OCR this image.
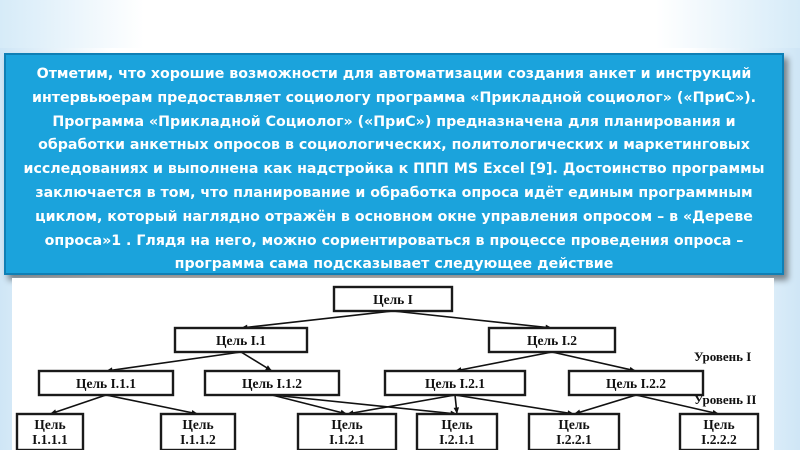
Отметим, что хорошие возможности для автоматизации создания анкет и инструкций интервьюерам предоставляет социологу программа «Прикладной социолог» («ПриС»). Программа «Прикладной Социолог» («ПриС») предназначена для планирования и обработки анкетных опросов в социологических, политологических и маркетинговых исследованиях и выполнена как надстройка к ППП MS Excel [9]. Достоинство программы заключается в том, что планирование и обработка опроса идёт единым программным циклом, который наглядно отражён в основном окне управления опросом – в «Дереве опроса»1 . Глядя на него, можно сориентироваться в процессе проведения опроса – программа сама подсказывает следующее действие
Цель I
Цель I.1	Цель I.2
Цель I.1.1	Цель I.1.2	Цель I.2.1	Цель I.2.2
Цель
I.1.1.1
Цель
I.1.1.2
Цель
I.1.2.1
Цель
I.2.1.1
Цель
I.2.2.1
Цель
I.2.2.2
Уровень I
Уровень II
